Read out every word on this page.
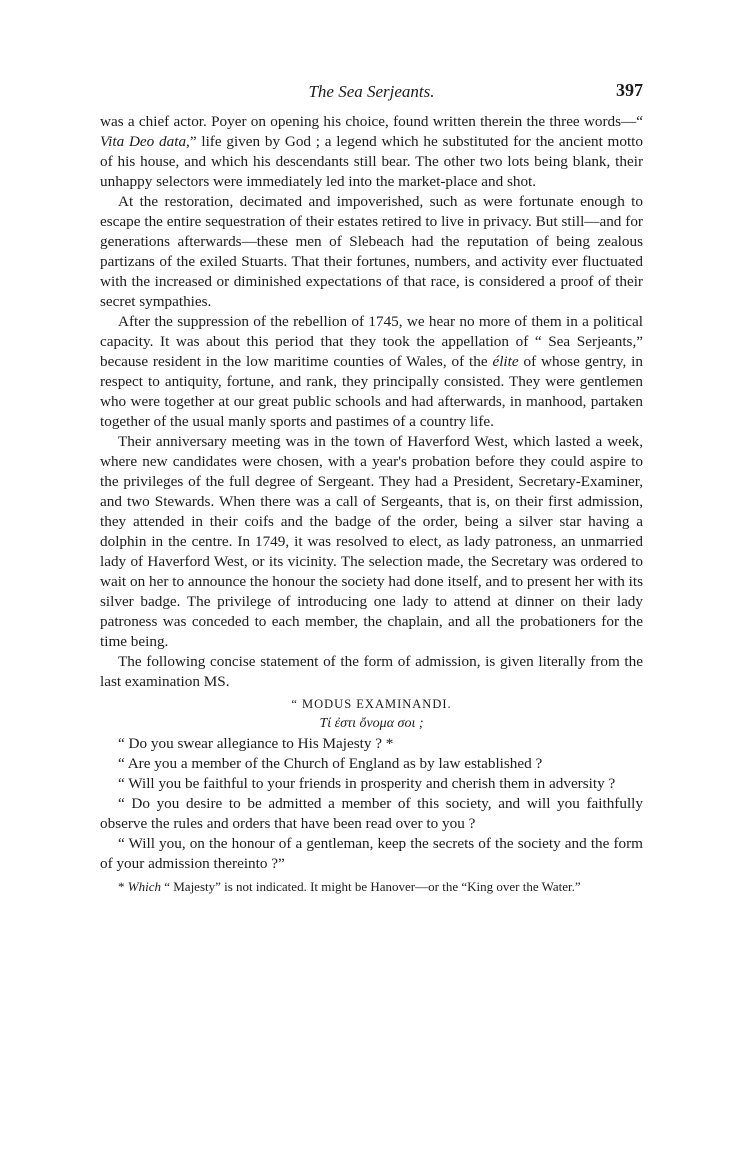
The Sea Serjeants.	397

was a chief actor. Poyer on opening his choice, found written therein the three words—“ Vita Deo data,” life given by God ; a legend which he substituted for the ancient motto of his house, and which his descendants still bear. The other two lots being blank, their unhappy selectors were immediately led into the market-place and shot.

At the restoration, decimated and impoverished, such as were fortunate enough to escape the entire sequestration of their estates retired to live in privacy. But still—and for generations afterwards—these men of Slebeach had the reputation of being zealous partizans of the exiled Stuarts. That their fortunes, numbers, and activity ever fluctuated with the increased or diminished expectations of that race, is considered a proof of their secret sympathies.

After the suppression of the rebellion of 1745, we hear no more of them in a political capacity. It was about this period that they took the appellation of “ Sea Serjeants,” because resident in the low maritime counties of Wales, of the élite of whose gentry, in respect to antiquity, fortune, and rank, they principally consisted. They were gentlemen who were together at our great public schools and had afterwards, in manhood, partaken together of the usual manly sports and pastimes of a country life.

Their anniversary meeting was in the town of Haverford West, which lasted a week, where new candidates were chosen, with a year's probation before they could aspire to the privileges of the full degree of Sergeant. They had a President, Secretary-Examiner, and two Stewards. When there was a call of Sergeants, that is, on their first admission, they attended in their coifs and the badge of the order, being a silver star having a dolphin in the centre. In 1749, it was resolved to elect, as lady patroness, an unmarried lady of Haverford West, or its vicinity. The selection made, the Secretary was ordered to wait on her to announce the honour the society had done itself, and to present her with its silver badge. The privilege of introducing one lady to attend at dinner on their lady patroness was conceded to each member, the chaplain, and all the probationers for the time being.

The following concise statement of the form of admission, is given literally from the last examination MS.

“ MODUS EXAMINANDI.

Τί ἐστι ὄνομα σοι ;

“ Do you swear allegiance to His Majesty ? *

“ Are you a member of the Church of England as by law established ?

“ Will you be faithful to your friends in prosperity and cherish them in adversity ?

“ Do you desire to be admitted a member of this society, and will you faithfully observe the rules and orders that have been read over to you ?

“ Will you, on the honour of a gentleman, keep the secrets of the society and the form of your admission thereinto ?”

* Which “ Majesty” is not indicated. It might be Hanover—or the “King over the Water.”
